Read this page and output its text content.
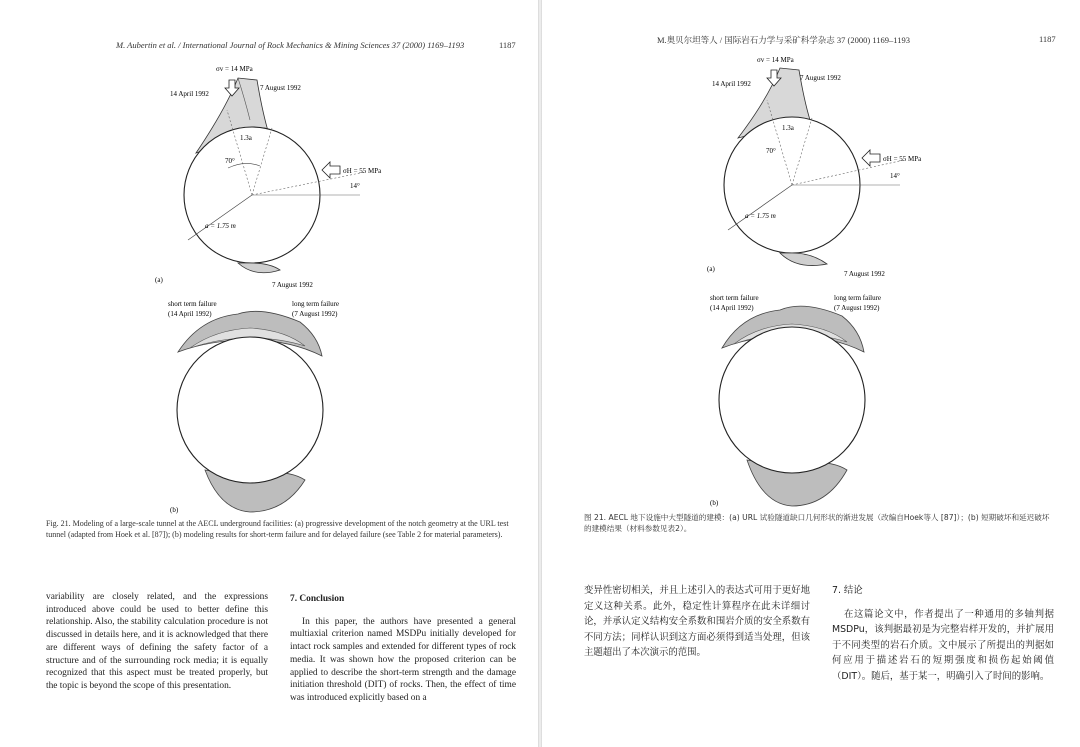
M. Aubertin et al. / International Journal of Rock Mechanics & Mining Sciences 37 (2000) 1169–1193	1187
σv = 14 MPa
7 August 1992
14 April 1992
1.3a
70°
σH = 55 MPa
14°
a = 1.75 m
7 August 1992
(a)
short term failure
(14 April 1992)
long term failure
(7 August 1992)
(b)
Fig. 21. Modeling of a large-scale tunnel at the AECL underground facilities: (a) progressive development of the notch geometry at the URL test tunnel (adapted from Hoek et al. [87]); (b) modeling results for short-term failure and for delayed failure (see Table 2 for material parameters).

variability are closely related, and the expressions introduced above could be used to better define this relationship. Also, the stability calculation procedure is not discussed in details here, and it is acknowledged that there are different ways of defining the safety factor of a structure and of the surrounding rock media; it is equally recognized that this aspect must be treated properly, but the topic is beyond the scope of this presentation.

7. Conclusion

In this paper, the authors have presented a general multiaxial criterion named MSDPu initially developed for intact rock samples and extended for different types of rock media. It was shown how the proposed criterion can be applied to describe the short-term strength and the damage initiation threshold (DIT) of rocks. Then, the effect of time was introduced explicitly based on a

M.奥贝尔坦等人 / 国际岩石力学与采矿科学杂志 37 (2000) 1169–1193	1187
σv = 14 MPa
7 August 1992
14 April 1992
1.3a
70°
σH = 55 MPa
14°
a = 1.75 m
7 August 1992
(a)
short term failure
(14 April 1992)
long term failure
(7 August 1992)
(b)
图 21. AECL 地下设施中大型隧道的建模：(a) URL 试验隧道缺口几何形状的渐进发展（改编自Hoek等人 [87]）；(b) 短期破坏和延迟破坏的建模结果（材料参数见表2）。

变异性密切相关，并且上述引入的表达式可用于更好地定义这种关系。此外，稳定性计算程序在此未详细讨论，并承认定义结构安全系数和围岩介质的安全系数有不同方法；同样认识到这方面必须得到适当处理，但该主题超出了本次演示的范围。

7. 结论

在这篇论文中，作者提出了一种通用的多轴判据MSDPu，该判据最初是为完整岩样开发的，并扩展用于不同类型的岩石介质。文中展示了所提出的判据如何应用于描述岩石的短期强度和损伤起始阈值（DIT）。随后，基于某一，明确引入了时间的影响。
